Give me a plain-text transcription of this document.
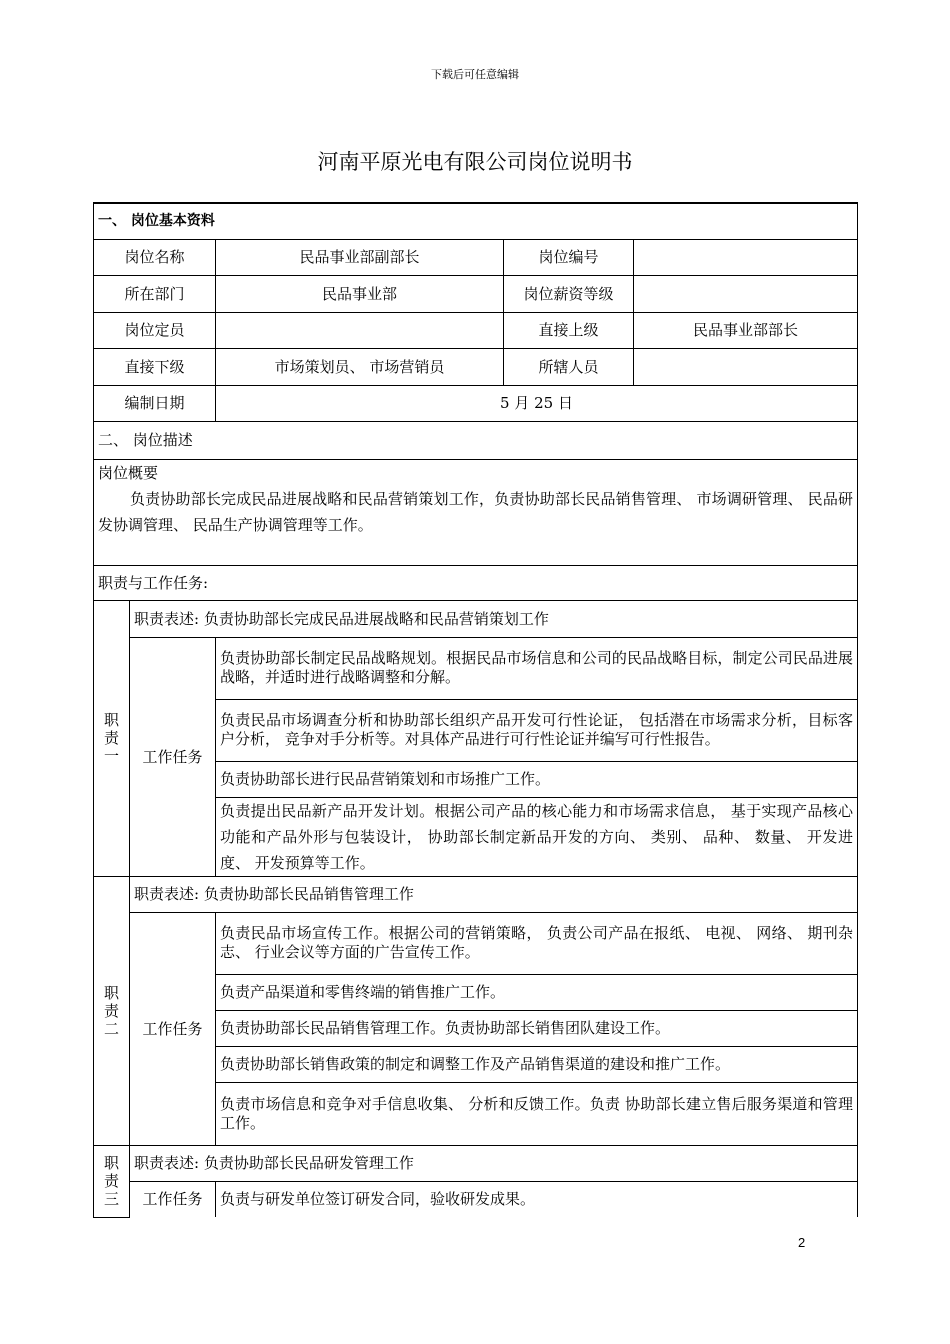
下载后可任意编辑
河南平原光电有限公司岗位说明书
一、 岗位基本资料				
岗位名称		民品事业部副部长	岗位编号	
所在部门		民品事业部	岗位薪资等级	
岗位定员			直接上级	民品事业部部长
直接下级		市场策划员、 市场营销员	所辖人员	
编制日期		5 月 25 日		
二、 岗位描述				

岗位概要
负责协助部长完成民品进展战略和民品营销策划工作，负责协助部长民品销售管理、 市场调研管理、 民品研发协调管理、 民品生产协调管理等工作。				

职责与工作任务:				
职
责
一	职责表述: 负责协助部长完成民品进展战略和民品营销策划工作			
	工作任务	负责协助部长制定民品战略规划。根据民品市场信息和公司的民品战略目标，制定公司民品进展战略，并适时进行战略调整和分解。		
		负责民品市场调查分析和协助部长组织产品开发可行性论证， 包括潜在市场需求分析，目标客户分析， 竞争对手分析等。对具体产品进行可行性论证并编写可行性报告。		
		负责协助部长进行民品营销策划和市场推广工作。		
		负责提出民品新产品开发计划。根据公司产品的核心能力和市场需求信息， 基于实现产品核心功能和产品外形与包装设计， 协助部长制定新品开发的方向、 类别、 品种、 数量、 开发进度、 开发预算等工作。		
职
责
二	职责表述: 负责协助部长民品销售管理工作			
	工作任务	负责民品市场宣传工作。根据公司的营销策略， 负责公司产品在报纸、 电视、 网络、 期刊杂志、 行业会议等方面的广告宣传工作。		
		负责产品渠道和零售终端的销售推广工作。		
		负责协助部长民品销售管理工作。负责协助部长销售团队建设工作。		
		负责协助部长销售政策的制定和调整工作及产品销售渠道的建设和推广工作。		
		负责市场信息和竞争对手信息收集、 分析和反馈工作。负责 协助部长建立售后服务渠道和管理工作。		
职
责
三	职责表述: 负责协助部长民品研发管理工作			
	工作任务	负责与研发单位签订研发合同，验收研发成果。		
2
